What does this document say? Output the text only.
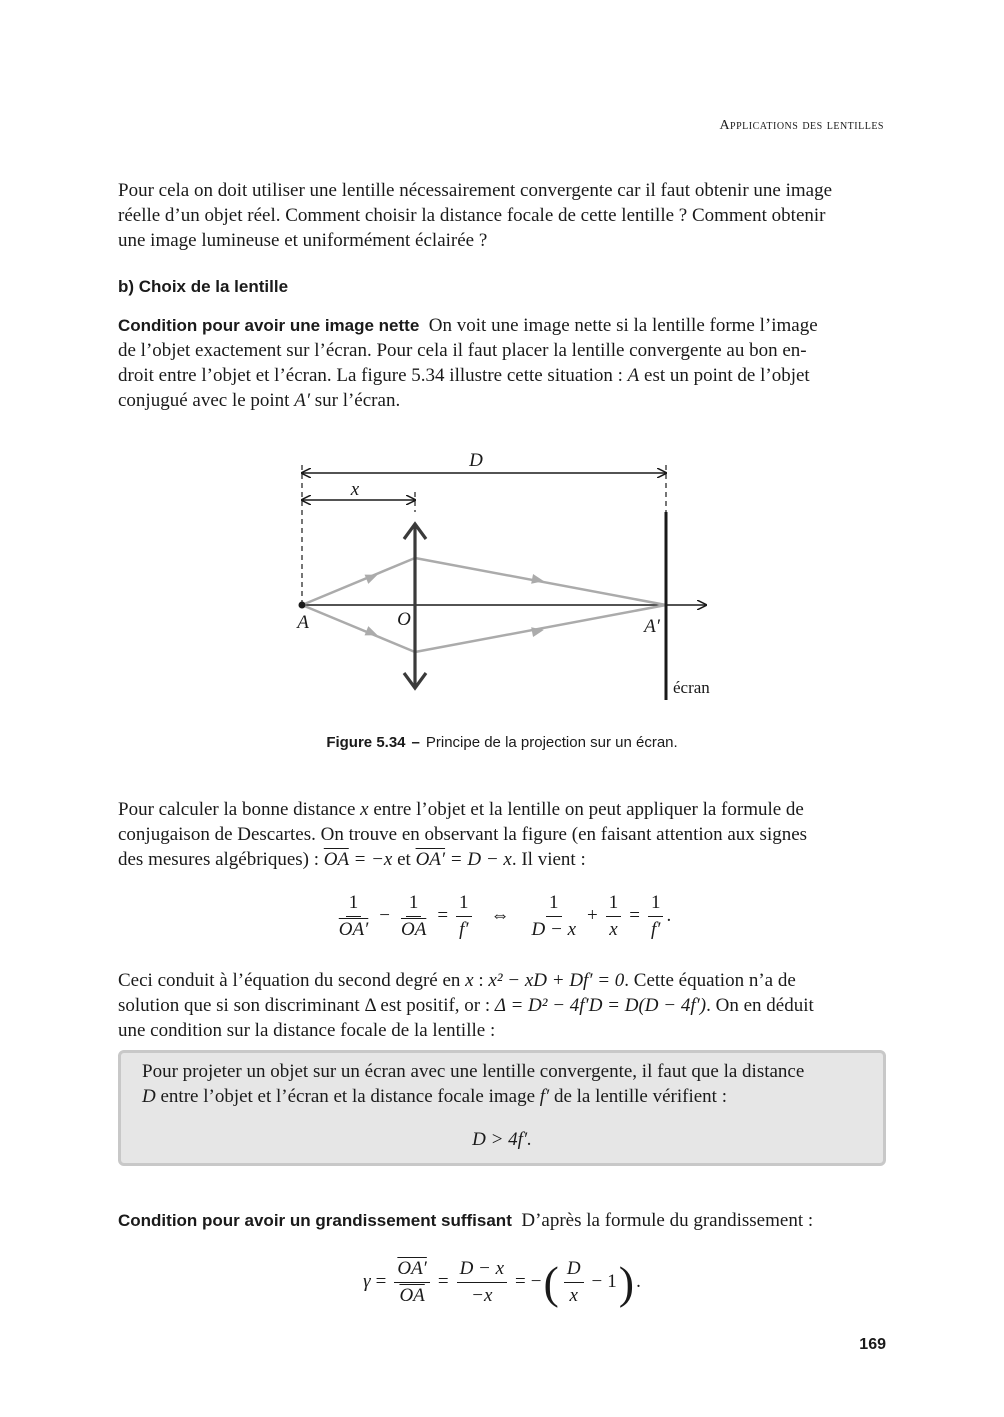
Applications des lentilles
Pour cela on doit utiliser une lentille nécessairement convergente car il faut obtenir une image
réelle d’un objet réel. Comment choisir la distance focale de cette lentille ? Comment obtenir
une image lumineuse et uniformément éclairée ?
b) Choix de la lentille
Condition pour avoir une image nette On voit une image nette si la lentille forme l’image
de l’objet exactement sur l’écran. Pour cela il faut placer la lentille convergente au bon en-
droit entre l’objet et l’écran. La figure 5.34 illustre cette situation : A est un point de l’objet
conjugué avec le point A′ sur l’écran.
D
x
A	O	A′
écran
Figure 5.34 – Principe de la projection sur un écran.
Pour calculer la bonne distance x entre l’objet et la lentille on peut appliquer la formule de
conjugaison de Descartes. On trouve en observant la figure (en faisant attention aux signes
des mesures algébriques) : $\overline{OA} = -x$ et OA′ = D − x. Il vient :
$\frac{1}{OA'} - \frac{1}{OA} = \frac{1}{f'}$ ⇔ $\frac{1}{D - x} + \frac{1}{x} = \frac{1}{f'}$ .
Ceci conduit à l’équation du second degré en x : x² − xD + Df′ = 0. Cette équation n’a de
solution que si son discriminant Δ est positif, or : Δ = D² − 4f′D = D(D − 4f′). On en déduit
une condition sur la distance focale de la lentille :
Pour projeter un objet sur un écran avec une lentille convergente, il faut que la distance
D entre l’objet et l’écran et la distance focale image f′ de la lentille vérifient :
D > 4f′.
Condition pour avoir un grandissement suffisant D’après la formule du grandissement :
$\gamma = \frac{OA'}{OA} = \frac{D - x}{-x}$ = −( $\frac{D}{x} - 1$) .
169
